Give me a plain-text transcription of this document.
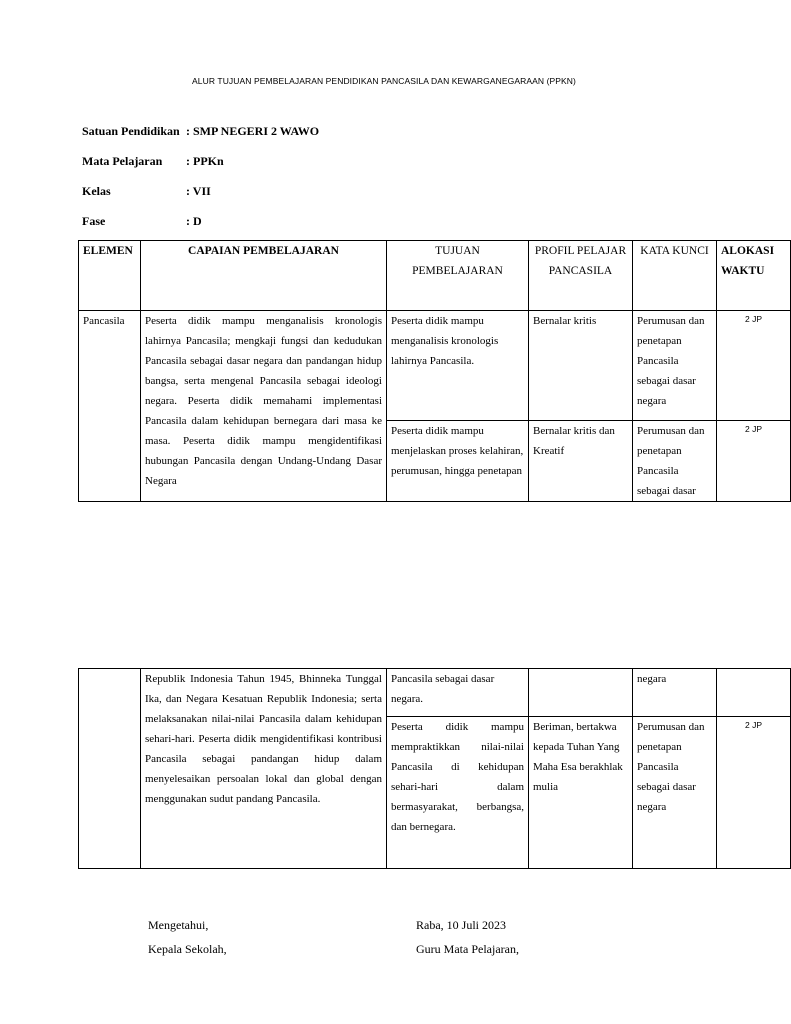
ALUR TUJUAN PEMBELAJARAN PENDIDIKAN PANCASILA DAN KEWARGANEGARAAN (PPKN)
Satuan Pendidikan : SMP NEGERI 2 WAWO
Mata Pelajaran : PPKn
Kelas	: VII
Fase	: D
ELEMEN	CAPAIAN PEMBELAJARAN	TUJUAN PEMBELAJARAN	PROFIL PELAJAR PANCASILA	KATA KUNCI	ALOKASI WAKTU
Pancasila	Peserta didik mampu menganalisis kronologis lahirnya Pancasila; mengkaji fungsi dan kedudukan Pancasila sebagai dasar negara dan pandangan hidup bangsa, serta mengenal Pancasila sebagai ideologi negara. Peserta didik memahami implementasi Pancasila dalam kehidupan bernegara dari masa ke masa. Peserta didik mampu mengidentifikasi hubungan Pancasila dengan Undang-Undang Dasar Negara	Peserta didik mampu menganalisis kronologis lahirnya Pancasila.	Bernalar kritis	Perumusan dan penetapan Pancasila sebagai dasar negara	2 JP
		Peserta didik mampu menjelaskan proses kelahiran, perumusan, hingga penetapan	Bernalar kritis dan Kreatif	Perumusan dan penetapan Pancasila sebagai dasar	2 JP
	Republik Indonesia Tahun 1945, Bhinneka Tunggal Ika, dan Negara Kesatuan Republik Indonesia; serta melaksanakan nilai-nilai Pancasila dalam kehidupan sehari-hari. Peserta didik mengidentifikasi kontribusi Pancasila sebagai pandangan hidup dalam menyelesaikan persoalan lokal dan global dengan menggunakan sudut pandang Pancasila.	Pancasila sebagai dasar negara.		negara	
		Peserta didik mampu mempraktikkan nilai-nilai Pancasila di kehidupan sehari-hari dalam bermasyarakat, berbangsa, dan bernegara.	Beriman, bertakwa kepada Tuhan Yang Maha Esa berakhlak mulia	Perumusan dan penetapan Pancasila sebagai dasar negara	2 JP
Mengetahui,
Kepala Sekolah,
Raba, 10 Juli 2023
Guru Mata Pelajaran,
